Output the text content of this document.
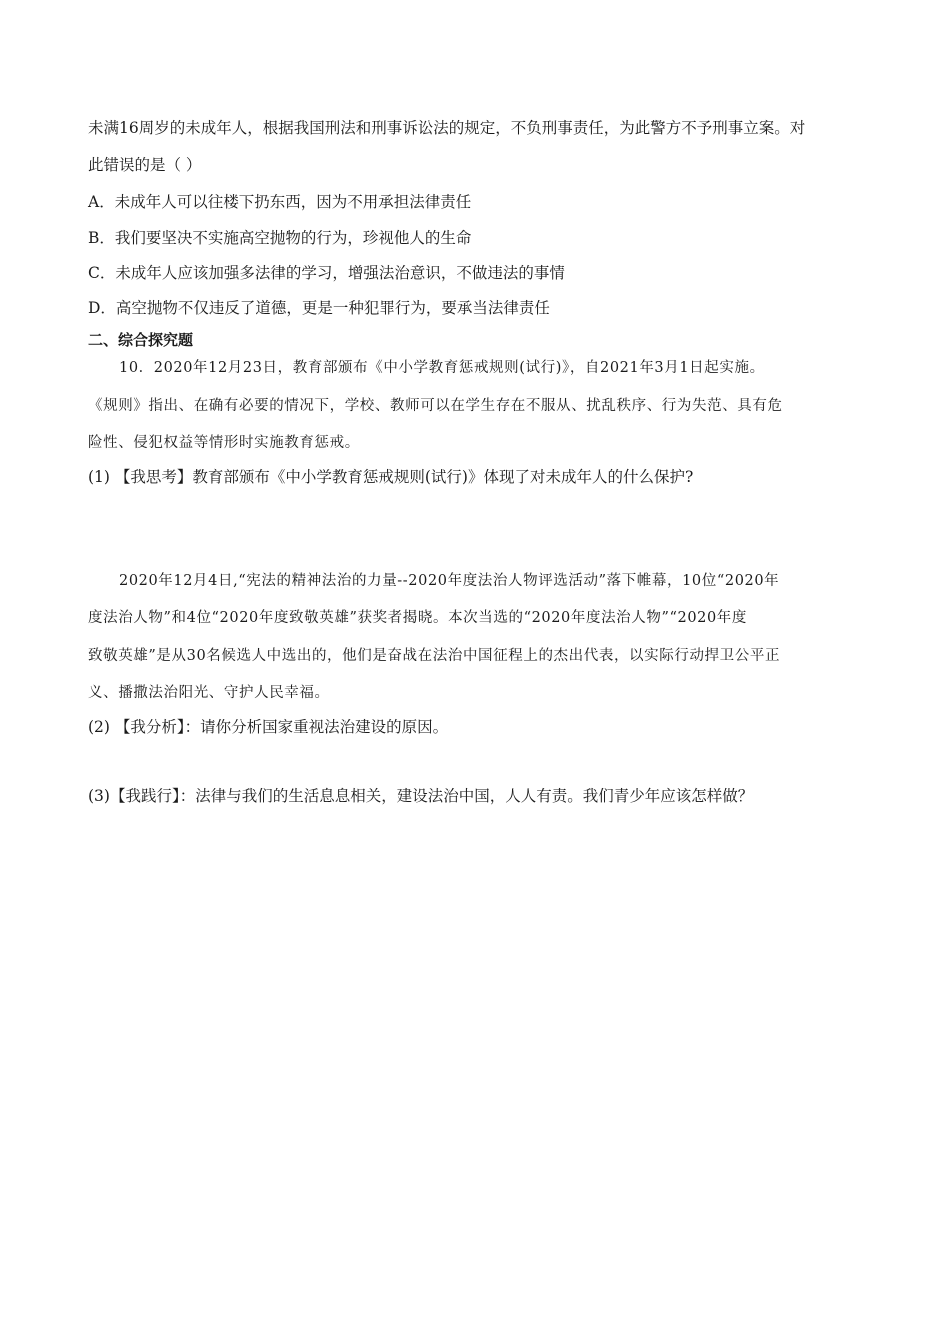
未满16周岁的未成年人，根据我国刑法和刑事诉讼法的规定，不负刑事责任，为此警方不予刑事立案。对
此错误的是（ ）
A．未成年人可以往楼下扔东西，因为不用承担法律责任
B．我们要坚决不实施高空抛物的行为，珍视他人的生命
C．未成年人应该加强多法律的学习，增强法治意识，不做违法的事情
D．高空抛物不仅违反了道德，更是一种犯罪行为，要承当法律责任
二、综合探究题
10．2020年12月23日，教育部颁布《中小学教育惩戒规则(试行)》，自2021年3月1日起实施。
《规则》指出、在确有必要的情况下，学校、教师可以在学生存在不服从、扰乱秩序、行为失范、具有危
险性、侵犯权益等情形时实施教育惩戒。
(1) 【我思考】教育部颁布《中小学教育惩戒规则(试行)》体现了对未成年人的什么保护?
2020年12月4日,“宪法的精神法治的力量--2020年度法治人物评选活动”落下帷幕，10位“2020年
度法治人物”和4位“2020年度致敬英雄”获奖者揭晓。本次当选的“2020年度法治人物”“2020年度
致敬英雄”是从30名候选人中选出的，他们是奋战在法治中国征程上的杰出代表，以实际行动捍卫公平正
义、播撒法治阳光、守护人民幸福。
(2) 【我分析】：请你分析国家重视法治建设的原因。
(3)【我践行】：法律与我们的生活息息相关，建设法治中国，人人有责。我们青少年应该怎样做？
